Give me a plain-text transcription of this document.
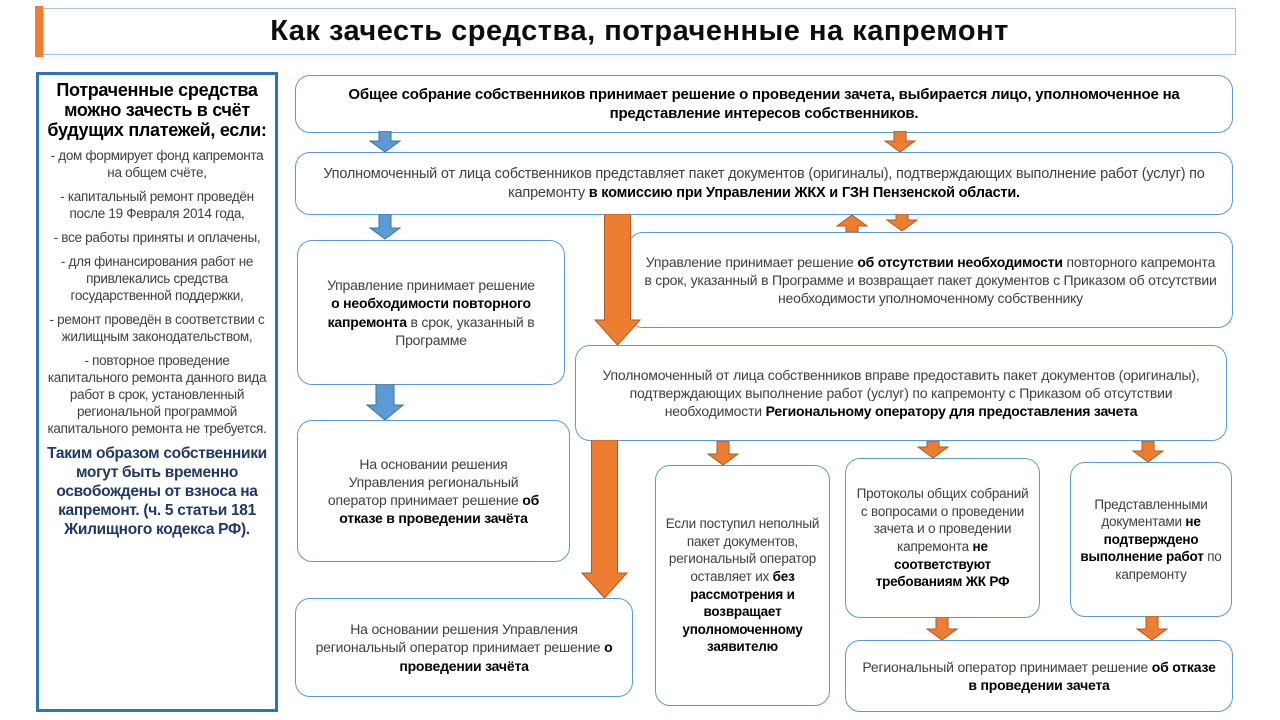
Как зачесть средства, потраченные на капремонт
Потраченные средства можно зачесть в счёт будущих платежей, если:
- дом формирует фонд капремонта на общем счёте,
- капитальный ремонт проведён после 19 Февраля 2014 года,
- все работы приняты и оплачены,
- для финансирования работ не привлекались средства государственной поддержки,
- ремонт проведён в соответствии с жилищным законодательством,
- повторное проведение капитального ремонта данного вида работ в срок, установленный региональной программой капитального ремонта не требуется.
Таким образом собственники могут быть временно освобождены от взноса на капремонт. (ч. 5 статьи 181 Жилищного кодекса РФ).
Общее собрание собственников принимает решение о проведении зачета, выбирается лицо, уполномоченное на представление интересов собственников.
Уполномоченный от лица собственников представляет пакет документов (оригиналы), подтверждающих выполнение работ (услуг) по капремонту в комиссию при Управлении ЖКХ и ГЗН Пензенской области.
Управление принимает решение о необходимости повторного капремонта в срок, указанный в Программе
Управление принимает решение об отсутствии необходимости повторного капремонта в срок, указанный в Программе и возвращает пакет документов с Приказом об отсутствии необходимости уполномоченному собственнику
Уполномоченный от лица собственников вправе предоставить пакет документов (оригиналы), подтверждающих выполнение работ (услуг) по капремонту с Приказом об отсутствии необходимости Региональному оператору для предоставления зачета
На основании решения Управления региональный оператор принимает решение об отказе в проведении зачёта
На основании решения Управления региональный оператор принимает решение о проведении зачёта
Если поступил неполный пакет документов, региональный оператор оставляет их без рассмотрения и возвращает уполномоченному заявителю
Протоколы общих собраний с вопросами о проведении зачета и о проведении капремонта не соответствуют требованиям ЖК РФ
Представленными документами не подтверждено выполнение работ по капремонту
Региональный оператор принимает решение об отказе в проведении зачета
